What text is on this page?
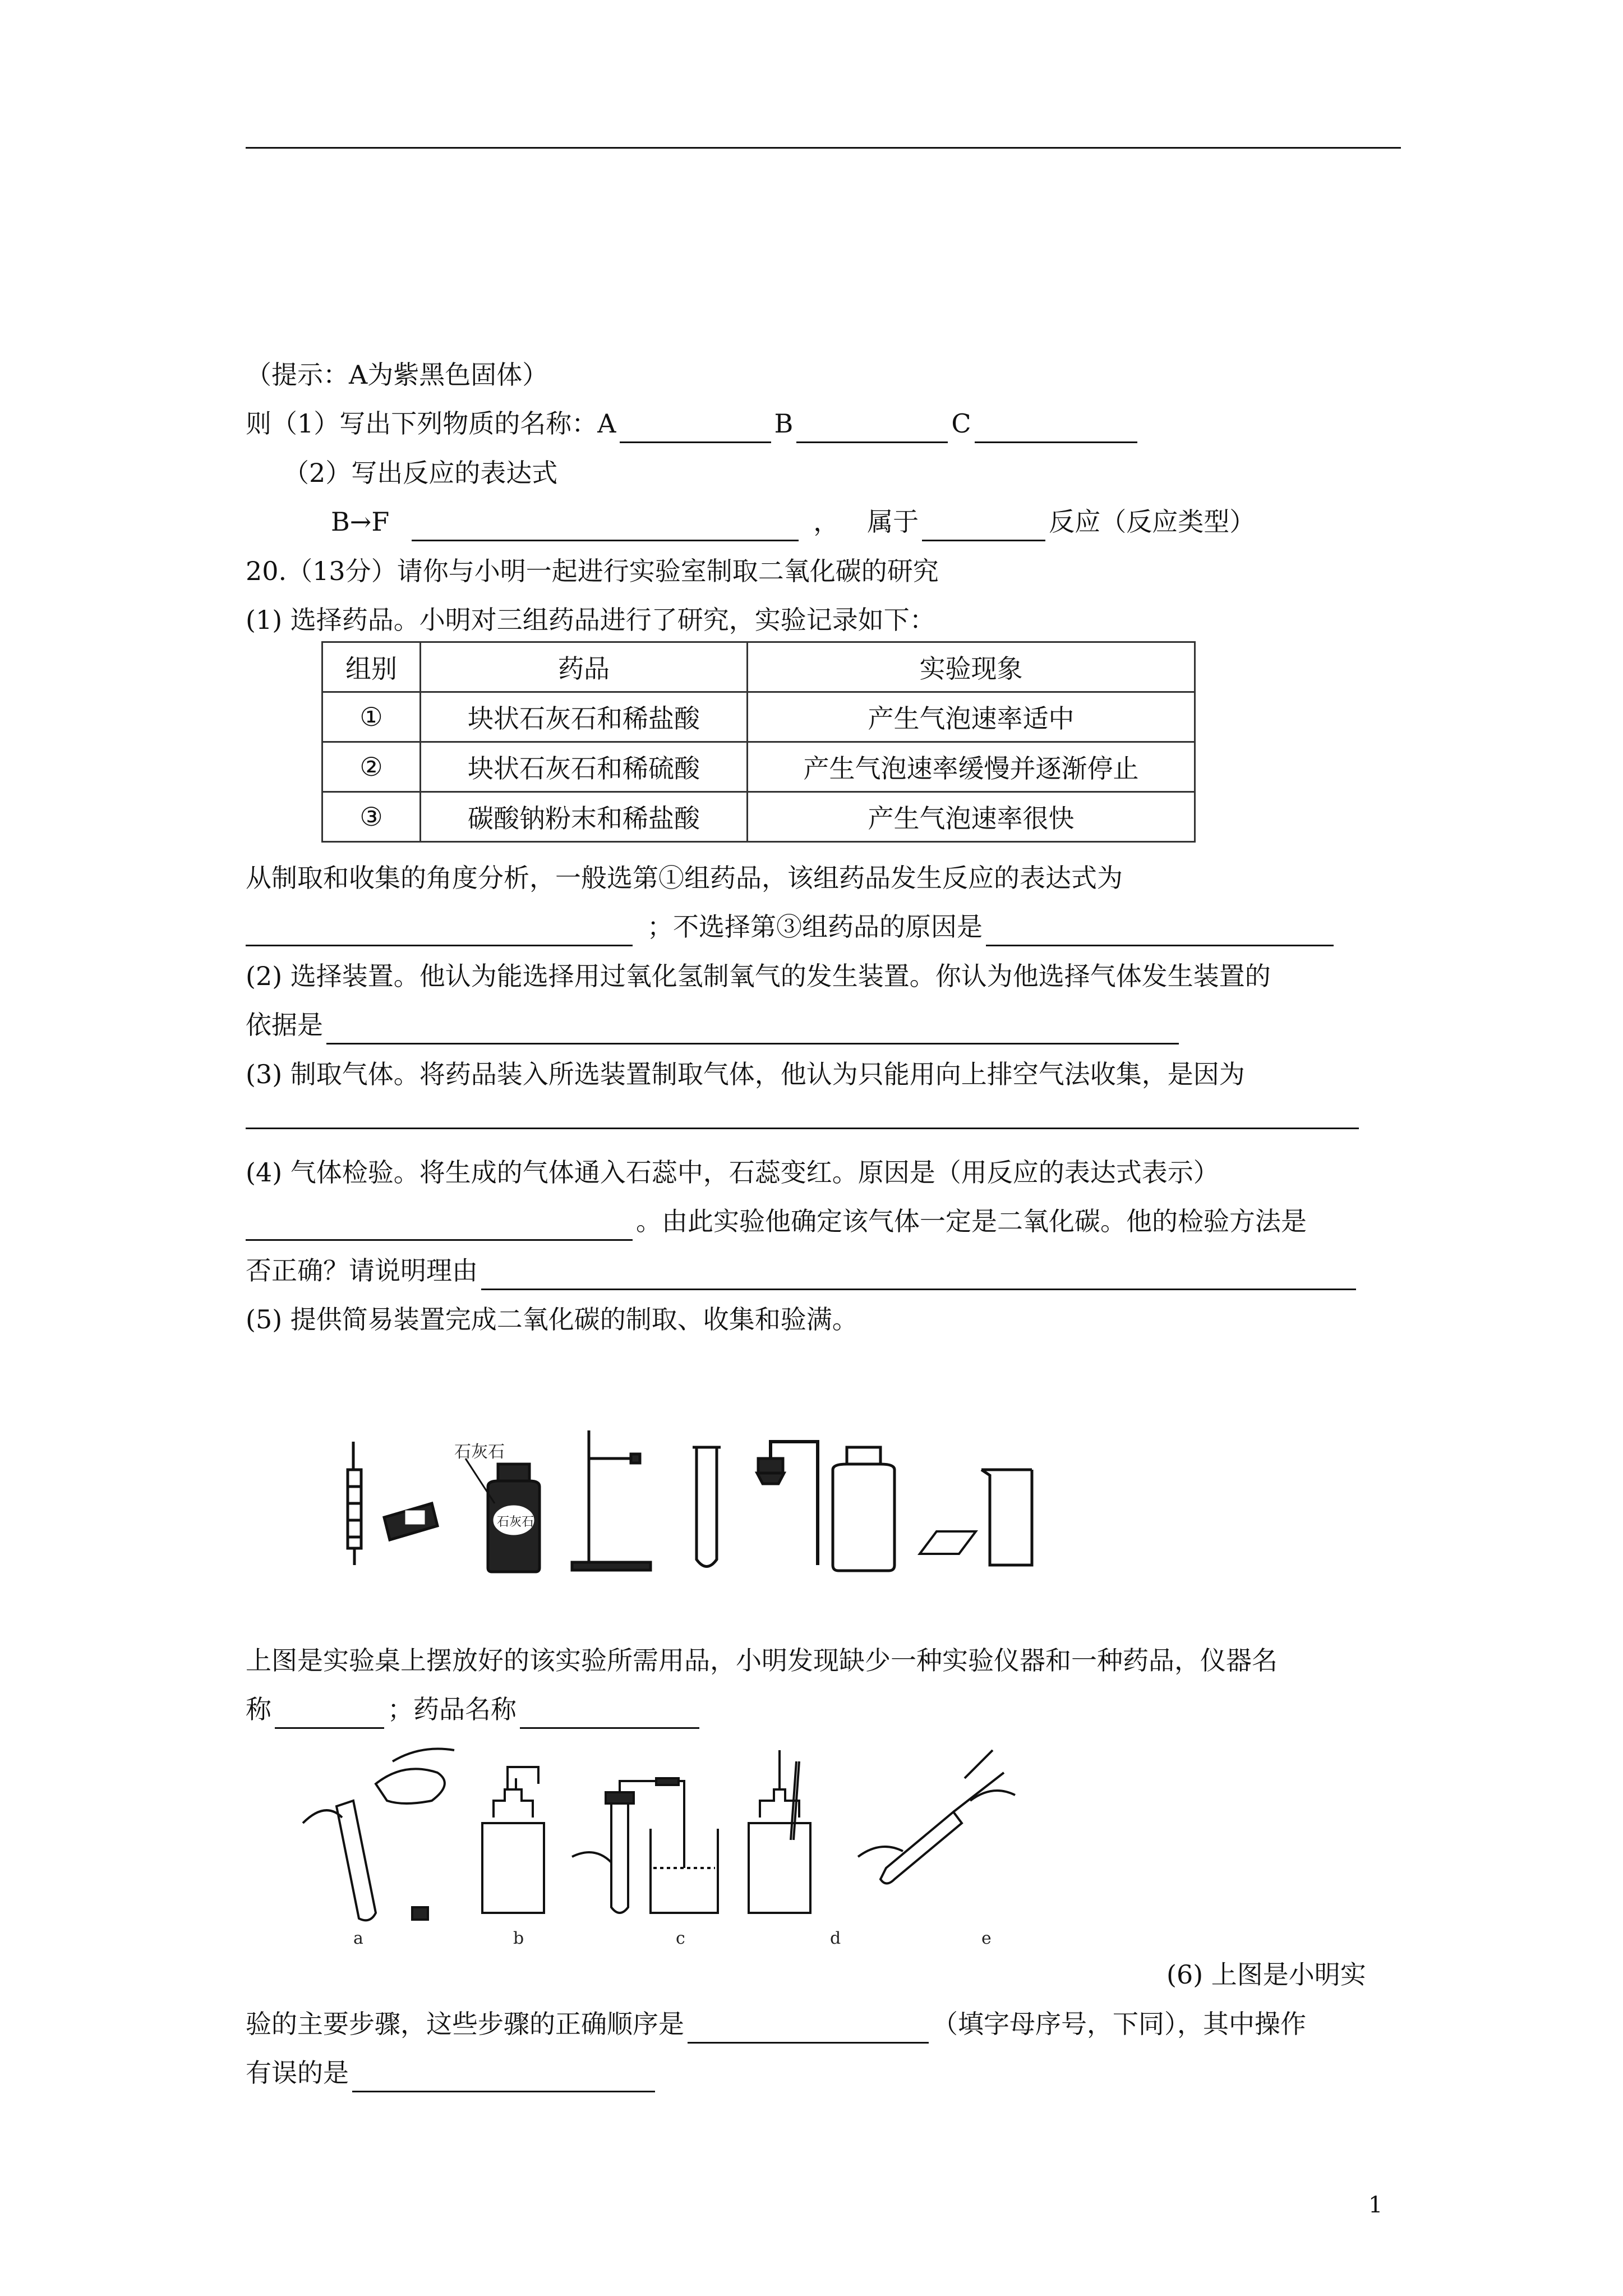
（提示：A为紫黑色固体）
则（1）写出下列物质的名称：A	B	C
（2）写出反应的表达式
B→F	， 属于	反应（反应类型）
20.（13分）请你与小明一起进行实验室制取二氧化碳的研究
(1) 选择药品。小明对三组药品进行了研究，实验记录如下：
组别	药品	实验现象
①	块状石灰石和稀盐酸	产生气泡速率适中
②	块状石灰石和稀硫酸	产生气泡速率缓慢并逐渐停止
③	碳酸钠粉末和稀盐酸	产生气泡速率很快
从制取和收集的角度分析，一般选第①组药品，该组药品发生反应的表达式为
；不选择第③组药品的原因是
(2) 选择装置。他认为能选择用过氧化氢制氧气的发生装置。你认为他选择气体发生装置的
依据是
(3) 制取气体。将药品装入所选装置制取气体，他认为只能用向上排空气法收集，是因为
(4) 气体检验。将生成的气体通入石蕊中，石蕊变红。原因是（用反应的表达式表示）
。由此实验他确定该气体一定是二氧化碳。他的检验方法是
否正确？请说明理由
(5) 提供简易装置完成二氧化碳的制取、收集和验满。
石灰石
石灰石
上图是实验桌上摆放好的该实验所需用品，小明发现缺少一种实验仪器和一种药品，仪器名
称	；药品名称
a	b	c	d	e
(6) 上图是小明实
验的主要步骤，这些步骤的正确顺序是	（填字母序号，下同），其中操作
有误的是
1
